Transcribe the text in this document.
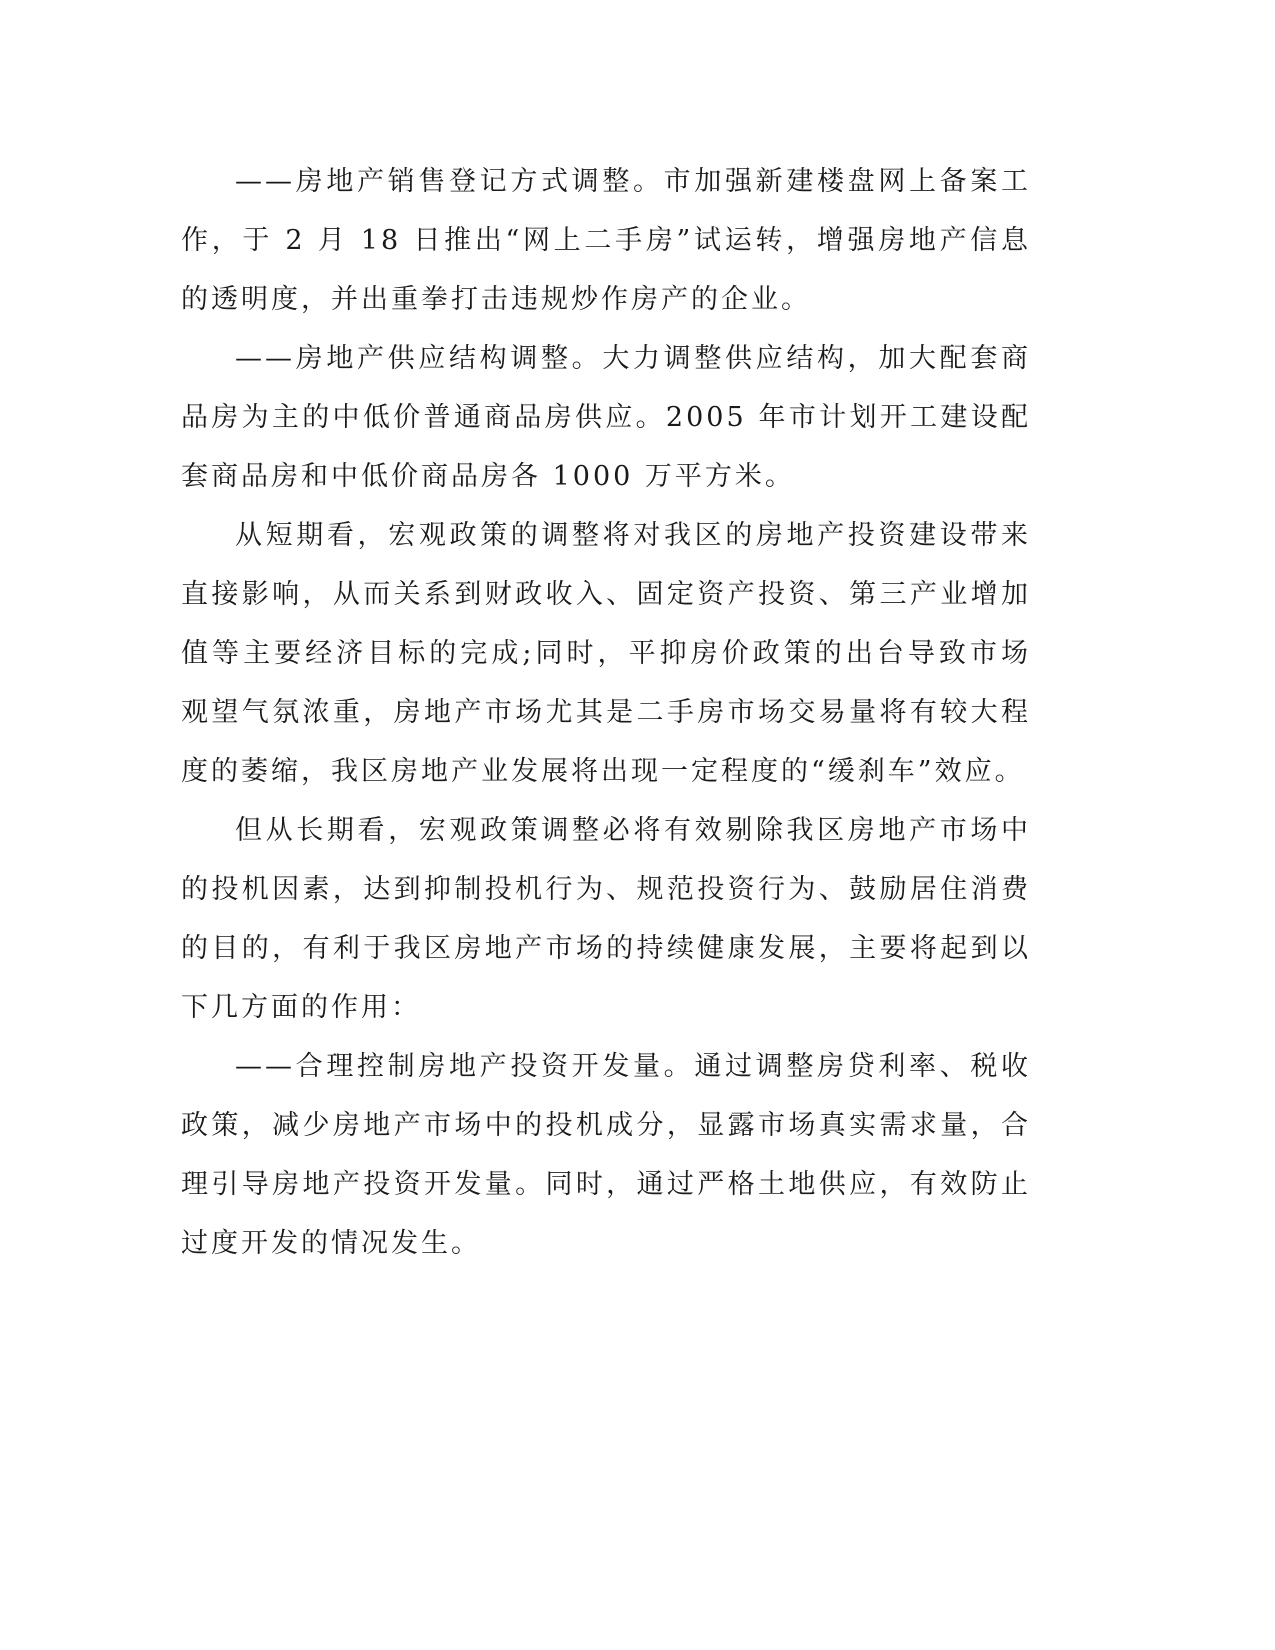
——房地产销售登记方式调整。市加强新建楼盘网上备案工作，于 2 月 18 日推出“网上二手房”试运转，增强房地产信息的透明度，并出重拳打击违规炒作房产的企业。

——房地产供应结构调整。大力调整供应结构，加大配套商品房为主的中低价普通商品房供应。2005 年市计划开工建设配套商品房和中低价商品房各 1000 万平方米。

从短期看，宏观政策的调整将对我区的房地产投资建设带来直接影响，从而关系到财政收入、固定资产投资、第三产业增加值等主要经济目标的完成;同时，平抑房价政策的出台导致市场观望气氛浓重，房地产市场尤其是二手房市场交易量将有较大程度的萎缩，我区房地产业发展将出现一定程度的“缓刹车”效应。

但从长期看，宏观政策调整必将有效剔除我区房地产市场中的投机因素，达到抑制投机行为、规范投资行为、鼓励居住消费的目的，有利于我区房地产市场的持续健康发展，主要将起到以下几方面的作用：

——合理控制房地产投资开发量。通过调整房贷利率、税收政策，减少房地产市场中的投机成分，显露市场真实需求量，合理引导房地产投资开发量。同时，通过严格土地供应，有效防止过度开发的情况发生。
